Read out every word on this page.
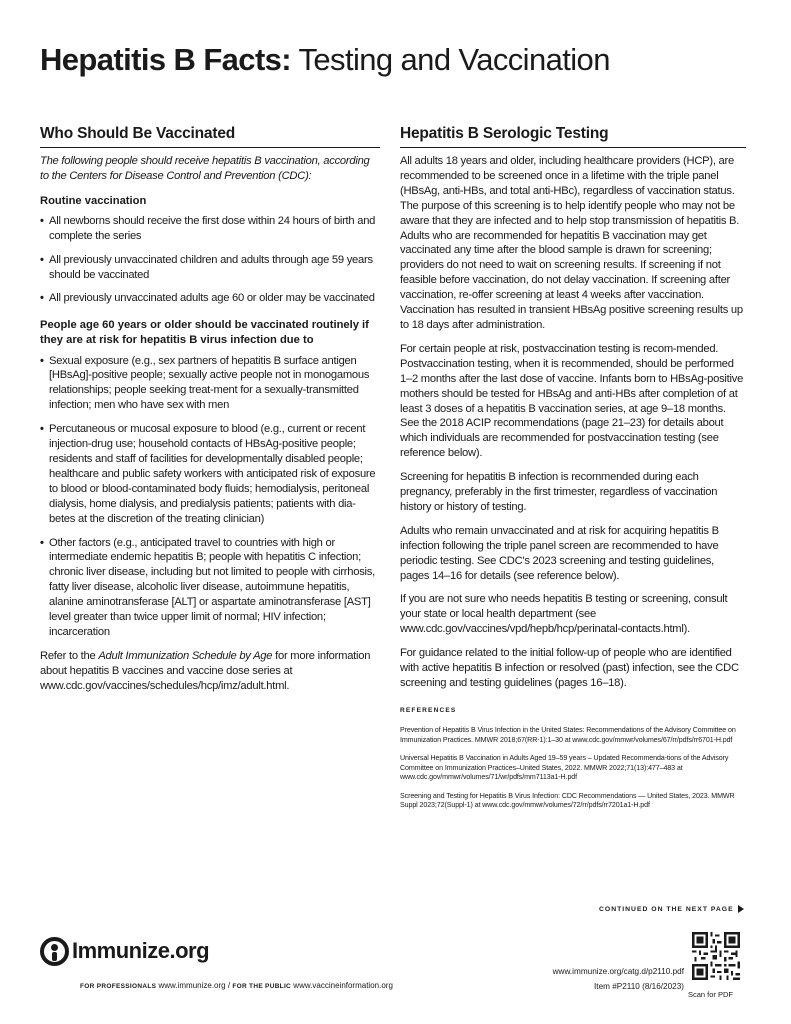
Hepatitis B Facts: Testing and Vaccination
Who Should Be Vaccinated

The following people should receive hepatitis B vaccination, according to the Centers for Disease Control and Prevention (CDC):

Routine vaccination
• All newborns should receive the first dose within 24 hours of birth and complete the series
• All previously unvaccinated children and adults through age 59 years should be vaccinated
• All previously unvaccinated adults age 60 or older may be vaccinated
People age 60 years or older should be vaccinated routinely if they are at risk for hepatitis B virus infection due to
• Sexual exposure (e.g., sex partners of hepatitis B surface antigen [HBsAg]-positive people; sexually active people not in monogamous relationships; people seeking treat-ment for a sexually-transmitted infection; men who have sex with men
• Percutaneous or mucosal exposure to blood (e.g., current or recent injection-drug use; household contacts of HBsAg-positive people; residents and staff of facilities for developmentally disabled people; healthcare and public safety workers with anticipated risk of exposure to blood or blood-contaminated body fluids; hemodialysis, peritoneal dialysis, home dialysis, and predialysis patients; patients with dia-betes at the discretion of the treating clinician)
• Other factors (e.g., anticipated travel to countries with high or intermediate endemic hepatitis B; people with hepatitis C infection; chronic liver disease, including but not limited to people with cirrhosis, fatty liver disease, alcoholic liver disease, autoimmune hepatitis, alanine aminotransferase [ALT] or aspartate aminotransferase [AST] level greater than twice upper limit of normal; HIV infection; incarceration

Refer to the Adult Immunization Schedule by Age for more information about hepatitis B vaccines and vaccine dose series at www.cdc.gov/vaccines/schedules/hcp/imz/adult.html.

Hepatitis B Serologic Testing

All adults 18 years and older, including healthcare providers (HCP), are recommended to be screened once in a lifetime with the triple panel (HBsAg, anti-HBs, and total anti-HBc), regardless of vaccination status. The purpose of this screening is to help identify people who may not be aware that they are infected and to help stop transmission of hepatitis B. Adults who are recommended for hepatitis B vaccination may get vaccinated any time after the blood sample is drawn for screening; providers do not need to wait on screening results. If screening if not feasible before vaccination, do not delay vaccination. If screening after vaccination, re-offer screening at least 4 weeks after vaccination. Vaccination has resulted in transient HBsAg positive screening results up to 18 days after administration.

For certain people at risk, postvaccination testing is recom-mended. Postvaccination testing, when it is recommended, should be performed 1–2 months after the last dose of vaccine. Infants born to HBsAg-positive mothers should be tested for HBsAg and anti-HBs after completion of at least 3 doses of a hepatitis B vaccination series, at age 9–18 months. See the 2018 ACIP recommendations (page 21–23) for details about which individuals are recommended for postvaccination testing (see reference below).

Screening for hepatitis B infection is recommended during each pregnancy, preferably in the first trimester, regardless of vaccination history or history of testing.

Adults who remain unvaccinated and at risk for acquiring hepatitis B infection following the triple panel screen are recommended to have periodic testing. See CDC's 2023 screening and testing guidelines, pages 14–16 for details (see reference below).

If you are not sure who needs hepatitis B testing or screening, consult your state or local health department (see www.cdc.gov/vaccines/vpd/hepb/hcp/perinatal-contacts.html).

For guidance related to the initial follow-up of people who are identified with active hepatitis B infection or resolved (past) infection, see the CDC screening and testing guidelines (pages 16–18).

REFERENCES
Prevention of Hepatitis B Virus Infection in the United States: Recommendations of the Advisory Committee on Immunization Practices. MMWR 2018;67(RR-1):1–30 at www.cdc.gov/mmwr/volumes/67/rr/pdfs/rr6701-H.pdf
Universal Hepatitis B Vaccination in Adults Aged 19–59 years – Updated Recommenda-tions of the Advisory Committee on Immunization Practices–United States, 2022. MMWR 2022;71(13):477–483 at www.cdc.gov/mmwr/volumes/71/wr/pdfs/mm7113a1-H.pdf
Screening and Testing for Hepatitis B Virus Infection: CDC Recommendations — United States, 2023. MMWR Suppl 2023;72(Suppl-1) at www.cdc.gov/mmwr/volumes/72/rr/pdfs/rr7201a1-H.pdf
CONTINUED ON THE NEXT PAGE
Immunize.org
FOR PROFESSIONALS www.immunize.org / FOR THE PUBLIC www.vaccineinformation.org
www.immunize.org/catg.d/p2110.pdf
Item #P2110 (8/16/2023)
Scan for PDF
